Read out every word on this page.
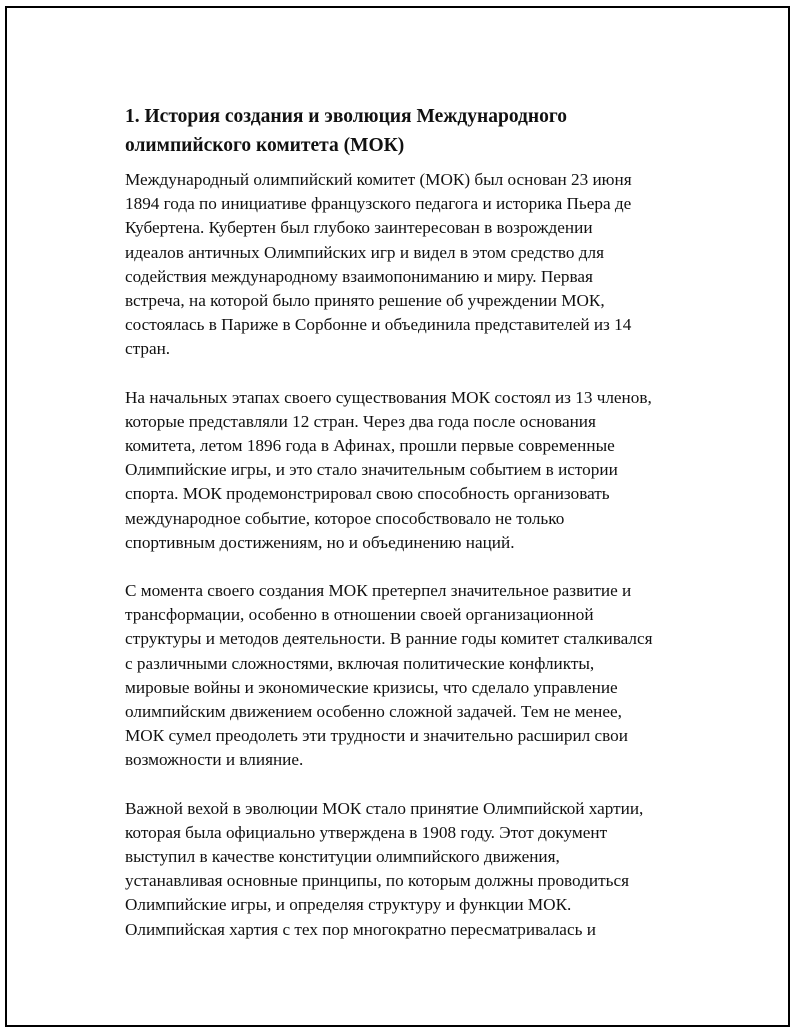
1. История создания и эволюция Международного
олимпийского комитета (МОК)

Международный олимпийский комитет (МОК) был основан 23 июня
1894 года по инициативе французского педагога и историка Пьера де
Кубертена. Кубертен был глубоко заинтересован в возрождении
идеалов античных Олимпийских игр и видел в этом средство для
содействия международному взаимопониманию и миру. Первая
встреча, на которой было принято решение об учреждении МОК,
состоялась в Париже в Сорбонне и объединила представителей из 14
стран.

На начальных этапах своего существования МОК состоял из 13 членов,
которые представляли 12 стран. Через два года после основания
комитета, летом 1896 года в Афинах, прошли первые современные
Олимпийские игры, и это стало значительным событием в истории
спорта. МОК продемонстрировал свою способность организовать
международное событие, которое способствовало не только
спортивным достижениям, но и объединению наций.

С момента своего создания МОК претерпел значительное развитие и
трансформации, особенно в отношении своей организационной
структуры и методов деятельности. В ранние годы комитет сталкивался
с различными сложностями, включая политические конфликты,
мировые войны и экономические кризисы, что сделало управление
олимпийским движением особенно сложной задачей. Тем не менее,
МОК сумел преодолеть эти трудности и значительно расширил свои
возможности и влияние.

Важной вехой в эволюции МОК стало принятие Олимпийской хартии,
которая была официально утверждена в 1908 году. Этот документ
выступил в качестве конституции олимпийского движения,
устанавливая основные принципы, по которым должны проводиться
Олимпийские игры, и определяя структуру и функции МОК.
Олимпийская хартия с тех пор многократно пересматривалась и
